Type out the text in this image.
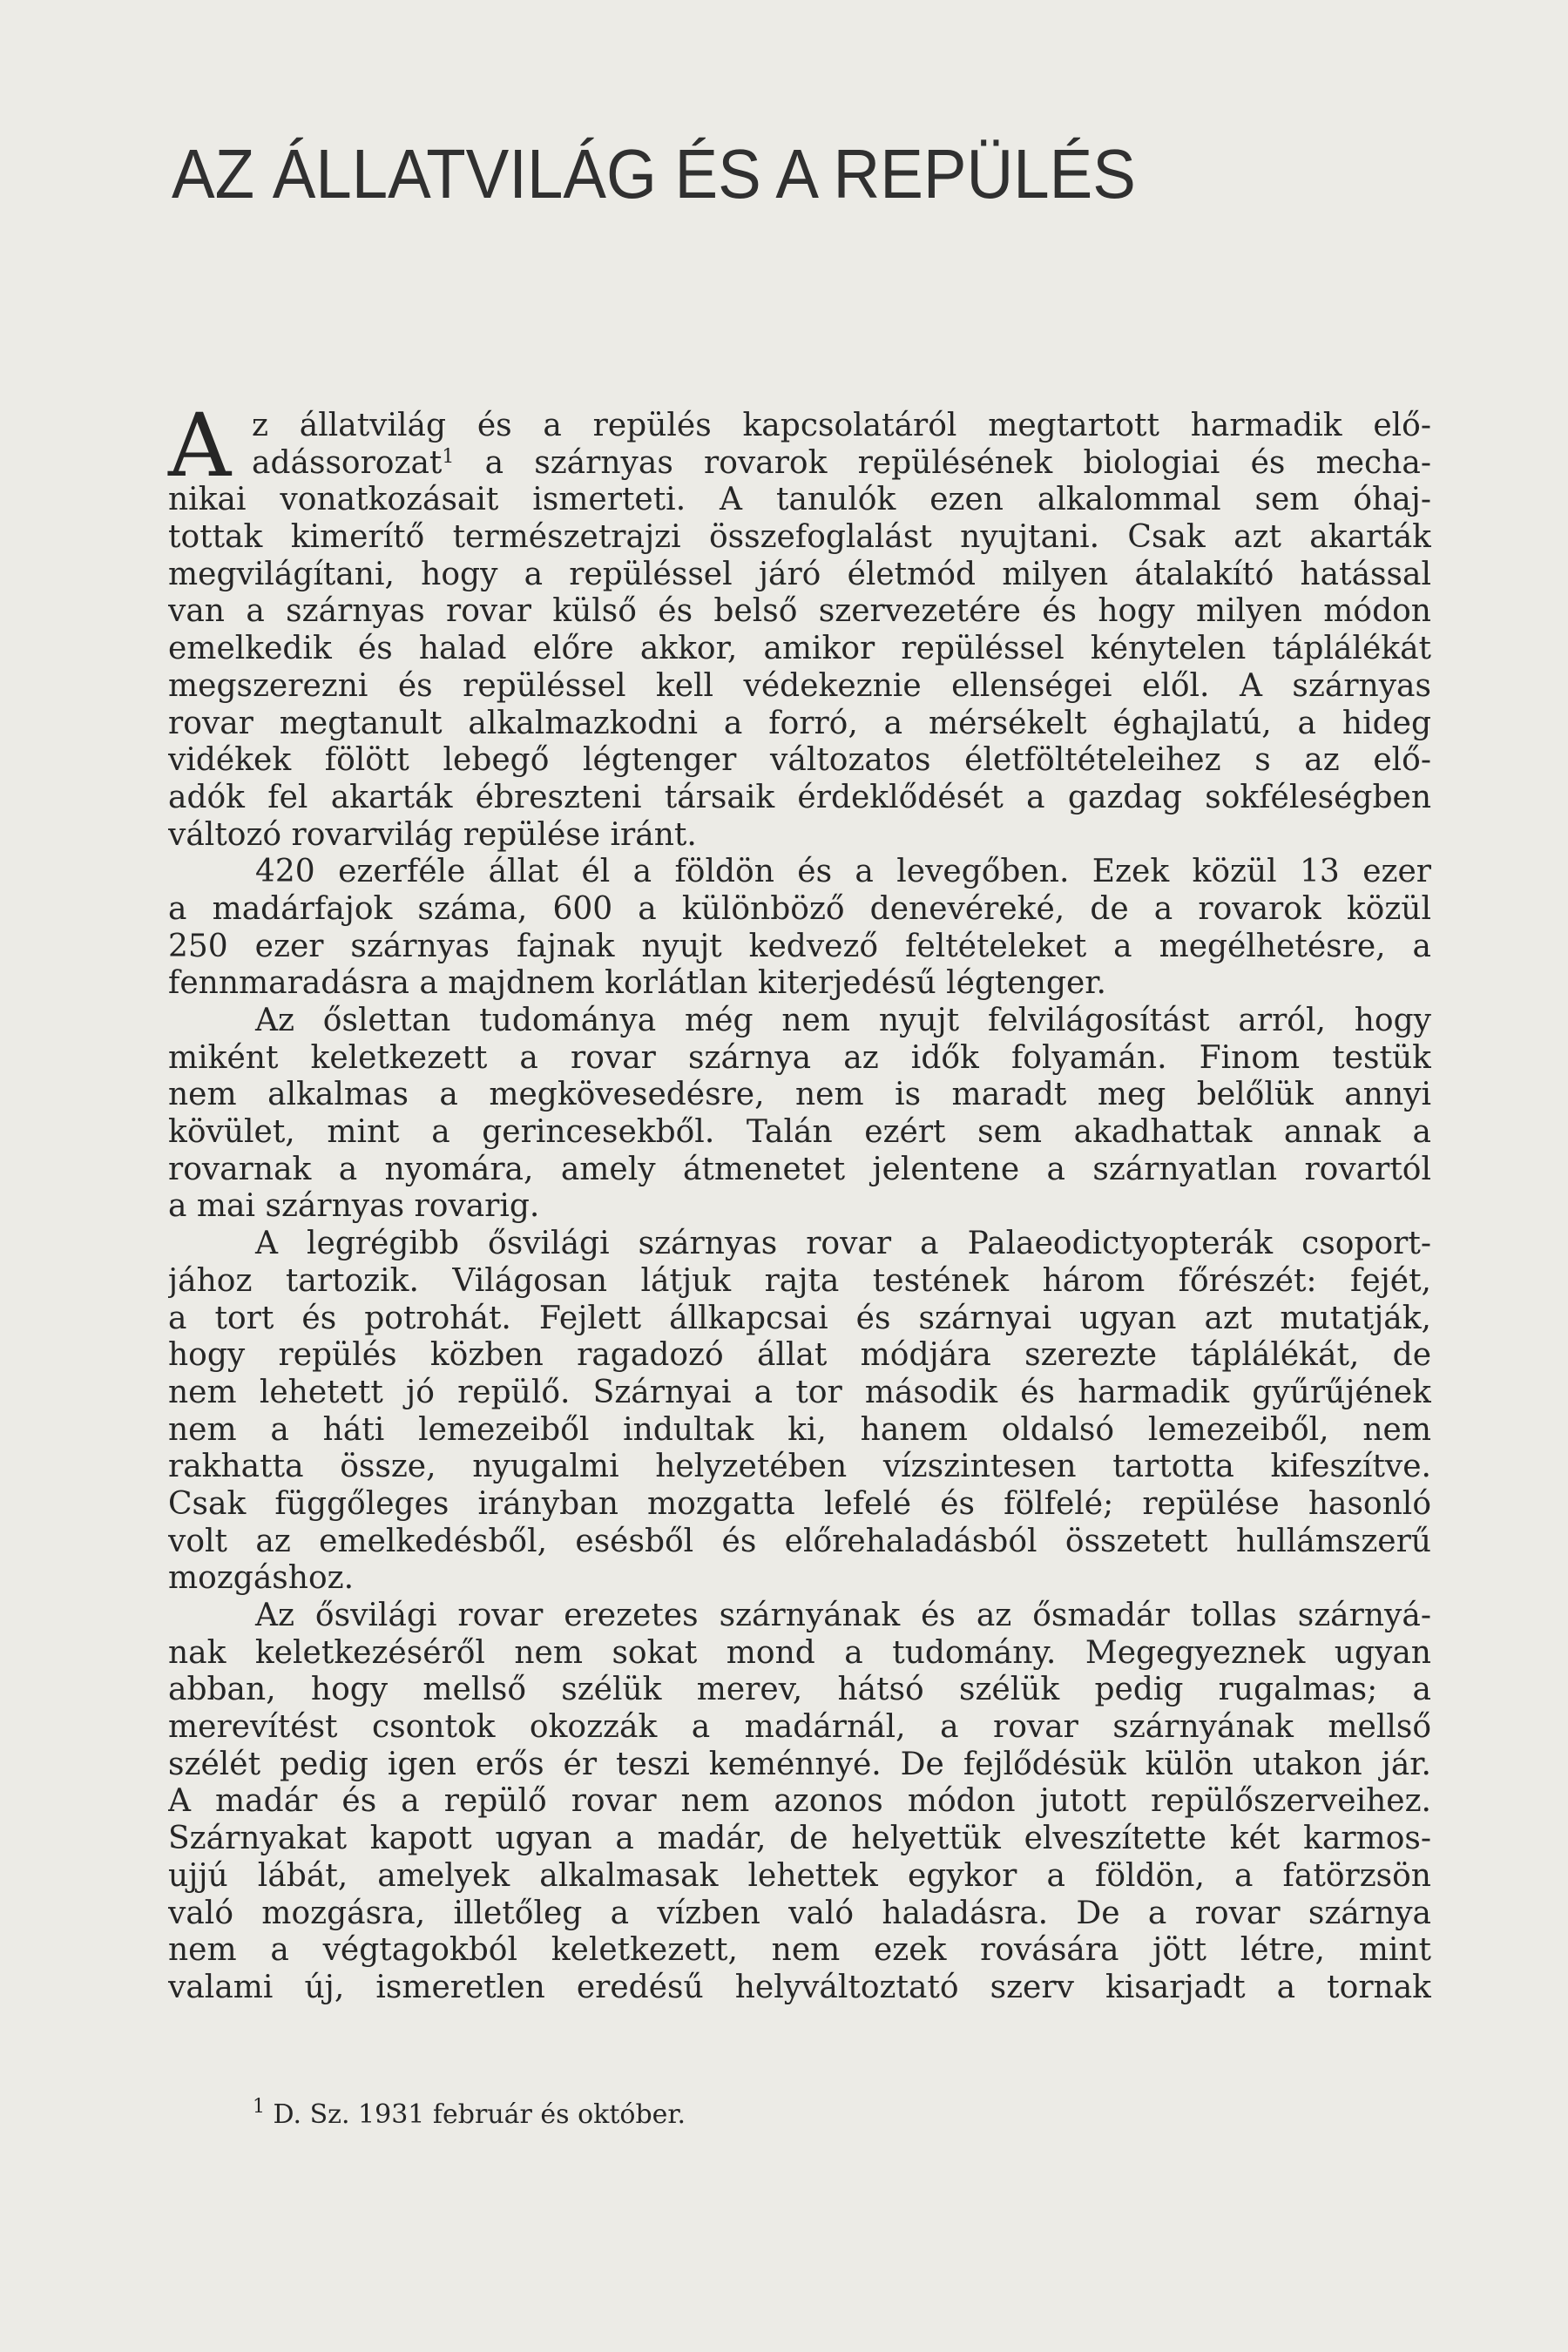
AZ ÁLLATVILÁG ÉS A REPÜLÉS
A z állatvilág és a repülés kapcsolatáról megtartott harmadik elő-
adássorozat$^1$ a szárnyas rovarok repülésének biologiai és mecha-
nikai vonatkozásait ismerteti. A tanulók ezen alkalommal sem óhaj-
tottak kimerítő természetrajzi összefoglalást nyujtani. Csak azt akarták
megvilágítani, hogy a repüléssel járó életmód milyen átalakító hatással
van a szárnyas rovar külső és belső szervezetére és hogy milyen módon
emelkedik és halad előre akkor, amikor repüléssel kénytelen táplálékát
megszerezni és repüléssel kell védekeznie ellenségei elől. A szárnyas
rovar megtanult alkalmazkodni a forró, a mérsékelt éghajlatú, a hideg
vidékek fölött lebegő légtenger változatos életföltételeihez s az elő-
adók fel akarták ébreszteni társaik érdeklődését a gazdag sokféleségben
változó rovarvilág repülése iránt.
420 ezerféle állat él a földön és a levegőben. Ezek közül 13 ezer
a madárfajok száma, 600 a különböző denevéreké, de a rovarok közül
250 ezer szárnyas fajnak nyujt kedvező feltételeket a megélhetésre, a
fennmaradásra a majdnem korlátlan kiterjedésű légtenger.
Az őslettan tudománya még nem nyujt felvilágosítást arról, hogy
miként keletkezett a rovar szárnya az idők folyamán. Finom testük
nem alkalmas a megkövesedésre, nem is maradt meg belőlük annyi
kövület, mint a gerincesekből. Talán ezért sem akadhattak annak a
rovarnak a nyomára, amely átmenetet jelentene a szárnyatlan rovartól
a mai szárnyas rovarig.
A legrégibb ősvilági szárnyas rovar a Palaeodictyopterák csoport-
jához tartozik. Világosan látjuk rajta testének három főrészét: fejét,
a tort és potrohát. Fejlett állkapcsai és szárnyai ugyan azt mutatják,
hogy repülés közben ragadozó állat módjára szerezte táplálékát, de
nem lehetett jó repülő. Szárnyai a tor második és harmadik gyűrűjének
nem a háti lemezeiből indultak ki, hanem oldalsó lemezeiből, nem
rakhatta össze, nyugalmi helyzetében vízszintesen tartotta kifeszítve.
Csak függőleges irányban mozgatta lefelé és fölfelé; repülése hasonló
volt az emelkedésből, esésből és előrehaladásból összetett hullámszerű
mozgáshoz.
Az ősvilági rovar erezetes szárnyának és az ősmadár tollas szárnyá-
nak keletkezéséről nem sokat mond a tudomány. Megegyeznek ugyan
abban, hogy mellső szélük merev, hátsó szélük pedig rugalmas; a
merevítést csontok okozzák a madárnál, a rovar szárnyának mellső
szélét pedig igen erős ér teszi keménnyé. De fejlődésük külön utakon jár.
A madár és a repülő rovar nem azonos módon jutott repülőszerveihez.
Szárnyakat kapott ugyan a madár, de helyettük elveszítette két karmos-
ujjú lábát, amelyek alkalmasak lehettek egykor a földön, a fatörzsön
való mozgásra, illetőleg a vízben való haladásra. De a rovar szárnya
nem a végtagokból keletkezett, nem ezek rovására jött létre, mint
valami új, ismeretlen eredésű helyváltoztató szerv kisarjadt a tornak
$^1$ D. Sz. 1931 február és október.
